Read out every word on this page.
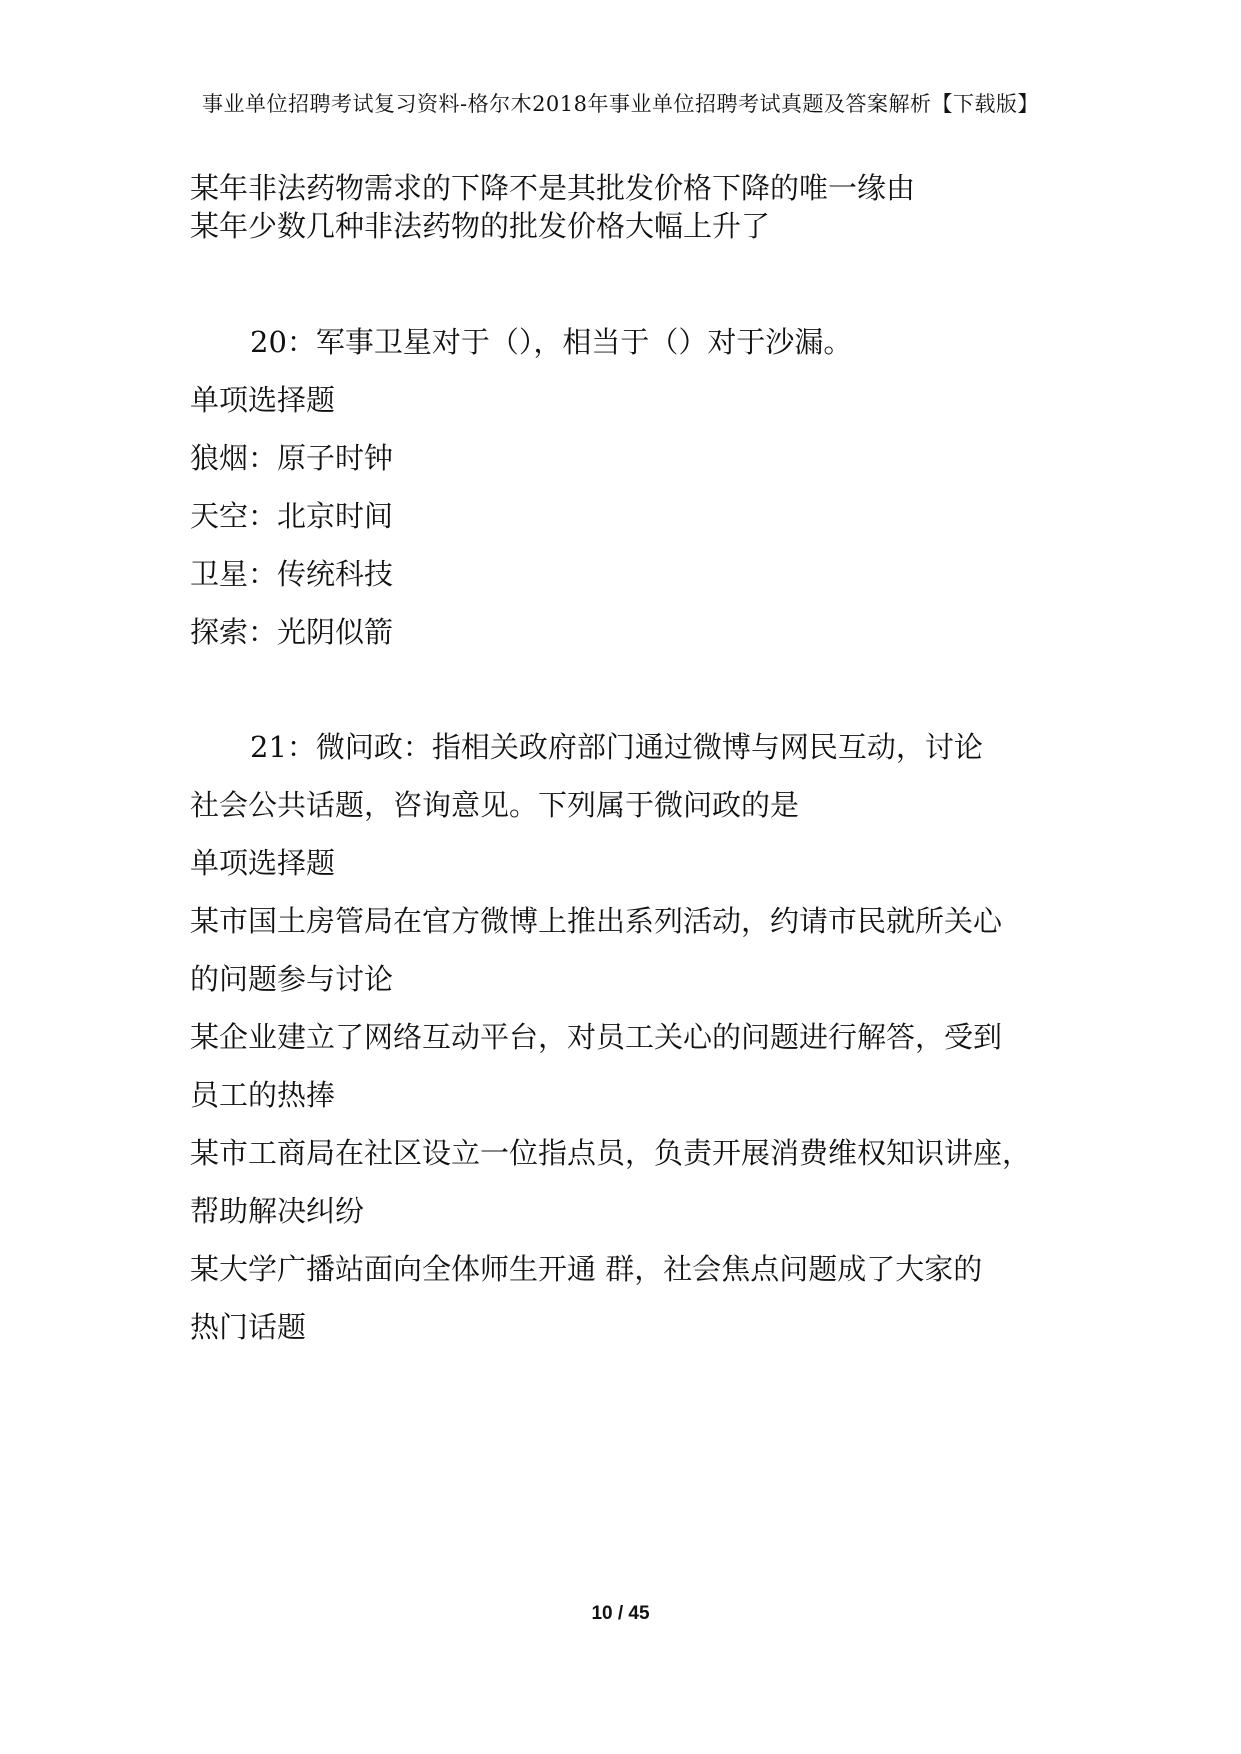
事业单位招聘考试复习资料-格尔木2018年事业单位招聘考试真题及答案解析【下载版】
某年非法药物需求的下降不是其批发价格下降的唯一缘由
某年少数几种非法药物的批发价格大幅上升了
20：军事卫星对于（），相当于（）对于沙漏。
单项选择题
狼烟：原子时钟
天空：北京时间
卫星：传统科技
探索：光阴似箭
21：微问政：指相关政府部门通过微博与网民互动，讨论
社会公共话题，咨询意见。下列属于微问政的是
单项选择题
某市国土房管局在官方微博上推出系列活动，约请市民就所关心
的问题参与讨论
某企业建立了网络互动平台，对员工关心的问题进行解答，受到
员工的热捧
某市工商局在社区设立一位指点员，负责开展消费维权知识讲座，
帮助解决纠纷
某大学广播站面向全体师生开通 群，社会焦点问题成了大家的
热门话题
10 / 45
